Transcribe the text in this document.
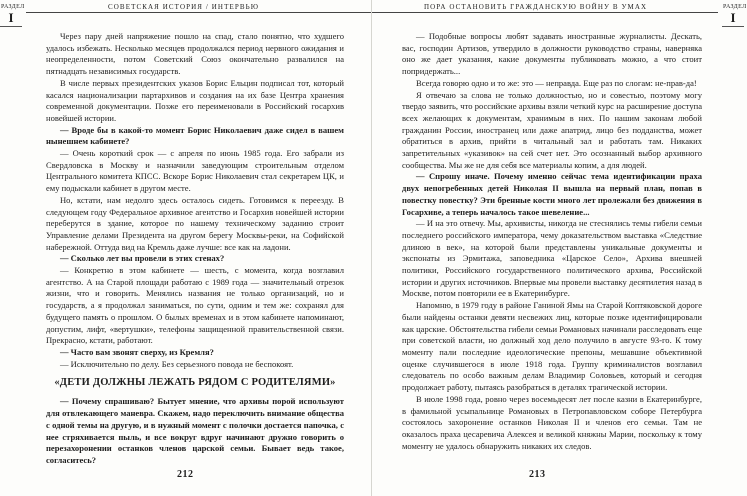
РАЗДЕЛ
I
СОВЕТСКАЯ ИСТОРИЯ / ИНТЕРВЬЮ

Через пару дней напряжение пошло на спад, стало понятно, что худшего удалось избежать. Несколько месяцев продолжался период нервного ожидания и неопределенности, потом Советский Союз окончательно развалился на пятнадцать независимых государств.

В числе первых президентских указов Борис Ельцин подписал тот, который касался национализации партархивов и создания на их базе Центра хранения современной документации. Позже его переименовали в Российский госархив новейшей истории.

— Вроде бы в какой-то момент Борис Николаевич даже сидел в вашем нынешнем кабинете?

— Очень короткий срок — с апреля по июнь 1985 года. Его забрали из Свердловска в Москву и назначили заведующим строительным отделом Центрального комитета КПСС. Вскоре Борис Николаевич стал секретарем ЦК, и ему подыскали кабинет в другом месте.

Но, кстати, нам недолго здесь осталось сидеть. Готовимся к переезду. В следующем году Федеральное архивное агентство и Госархив новейшей истории переберутся в здание, которое по нашему техническому заданию строит Управление делами Президента на другом берегу Москвы-реки, на Софийской набережной. Оттуда вид на Кремль даже лучше: все как на ладони.

— Сколько лет вы провели в этих стенах?

— Конкретно в этом кабинете — шесть, с момента, когда возглавил агентство. А на Старой площади работаю с 1989 года — значительный отрезок жизни, что и говорить. Менялись названия не только организаций, но и государств, а я продолжал заниматься, по сути, одним и тем же: сохранял для будущего память о прошлом. О былых временах и в этом кабинете напоминают, допустим, лифт, «вертушки», телефоны защищенной правительственной связи. Прекрасно, кстати, работают.

— Часто вам звонят сверху, из Кремля?

— Исключительно по делу. Без серьезного повода не беспокоят.

«ДЕТИ ДОЛЖНЫ ЛЕЖАТЬ РЯДОМ С РОДИТЕЛЯМИ»

— Почему спрашиваю? Бытует мнение, что архивы порой используют для отвлекающего маневра. Скажем, надо переключить внимание общества с одной темы на другую, и в нужный момент с полочки достается папочка, с нее стряхивается пыль, и все вокруг вдруг начинают дружно говорить о перезахоронении останков членов царской семьи. Бывает ведь такое, согласитесь?

212
ПОРА ОСТАНОВИТЬ ГРАЖДАНСКУЮ ВОЙНУ В УМАХ	РАЗДЕЛ
I

— Подобные вопросы любят задавать иностранные журналисты. Дескать, вас, господин Артизов, утвердило в должности руководство страны, наверняка оно же дает указания, какие документы публиковать можно, а что стоит попридержать...

Всегда говорю одно и то же: это — неправда. Еще раз по слогам: не-прав-да!

Я отвечаю за слова не только должностью, но и совестью, поэтому могу твердо заявить, что российские архивы взяли четкий курс на расширение доступа всех желающих к документам, хранимым в них. По нашим законам любой гражданин России, иностранец или даже апатрид, лицо без подданства, может обратиться в архив, прийти в читальный зал и работать там. Никаких запретительных «указивок» на сей счет нет. Это осознанный выбор архивного сообщества. Мы же не для себя все материалы копим, а для людей.

— Спрошу иначе. Почему именно сейчас тема идентификации праха двух непогребенных детей Николая II вышла на первый план, попав в повестку повестку? Эти бренные кости много лет пролежали без движения в Госархиве, а теперь началось такое шевеление...

— И на это отвечу. Мы, архивисты, никогда не стеснялись темы гибели семьи последнего российского императора, чему доказательством выставка «Следствие длиною в век», на которой были представлены уникальные документы и экспонаты из Эрмитажа, заповедника «Царское Село», Архива внешней политики, Российского государственного политического архива, Российской истории и других источников. Впервые мы провели выставку десятилетия назад в Москве, потом повторили ее в Екатеринбурге.

Напомню, в 1979 году в районе Ганиной Ямы на Старой Коптяковской дороге были найдены останки девяти несвежих лиц, которые позже идентифицировали как царские. Обстоятельства гибели семьи Романовых начинали расследовать еще при советской власти, но должный ход дело получило в августе 93-го. К тому моменту пали последние идеологические препоны, мешавшие объективной оценке случившегося в июле 1918 года. Группу криминалистов возглавил следователь по особо важным делам Владимир Соловьев, который и сегодня продолжает работу, пытаясь разобраться в деталях трагической истории.

В июле 1998 года, ровно через восемьдесят лет после казни в Екатеринбурге, в фамильной усыпальнице Романовых в Петропавловском соборе Петербурга состоялось захоронение останков Николая II и членов его семьи. Там не оказалось праха цесаревича Алексея и великой княжны Марии, поскольку к тому моменту не удалось обнаружить никаких их следов.

213
